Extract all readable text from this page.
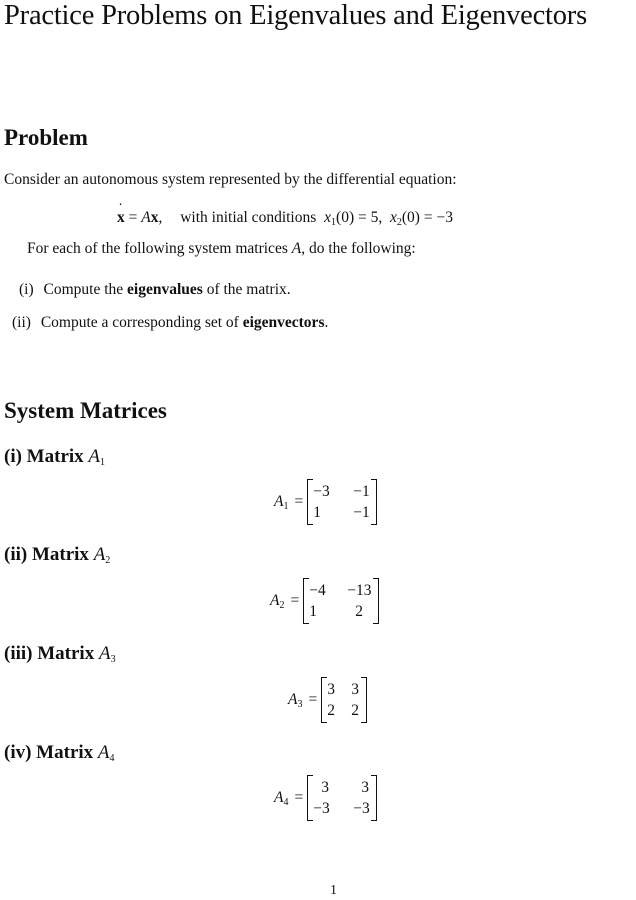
Practice Problems on Eigenvalues and Eigenvectors
Problem
Consider an autonomous system represented by the differential equation:
˙ x = Ax, with initial conditions $x_1(0) = 5$,  $x_2(0) = -3$
For each of the following system matrices A, do the following:
(i) Compute the eigenvalues of the matrix.
(ii) Compute a corresponding set of eigenvectors.
System Matrices
(i) Matrix $A_1$
$A_1$ =
−3	−1
1	−1
(ii) Matrix $A_2$
$A_2$ =
−4	−13
1	2
(iii) Matrix $A_3$
$A_3$ =
3 3
2 2
(iv) Matrix $A_4$
$A_4$ =
3	3
−3	−3
1
